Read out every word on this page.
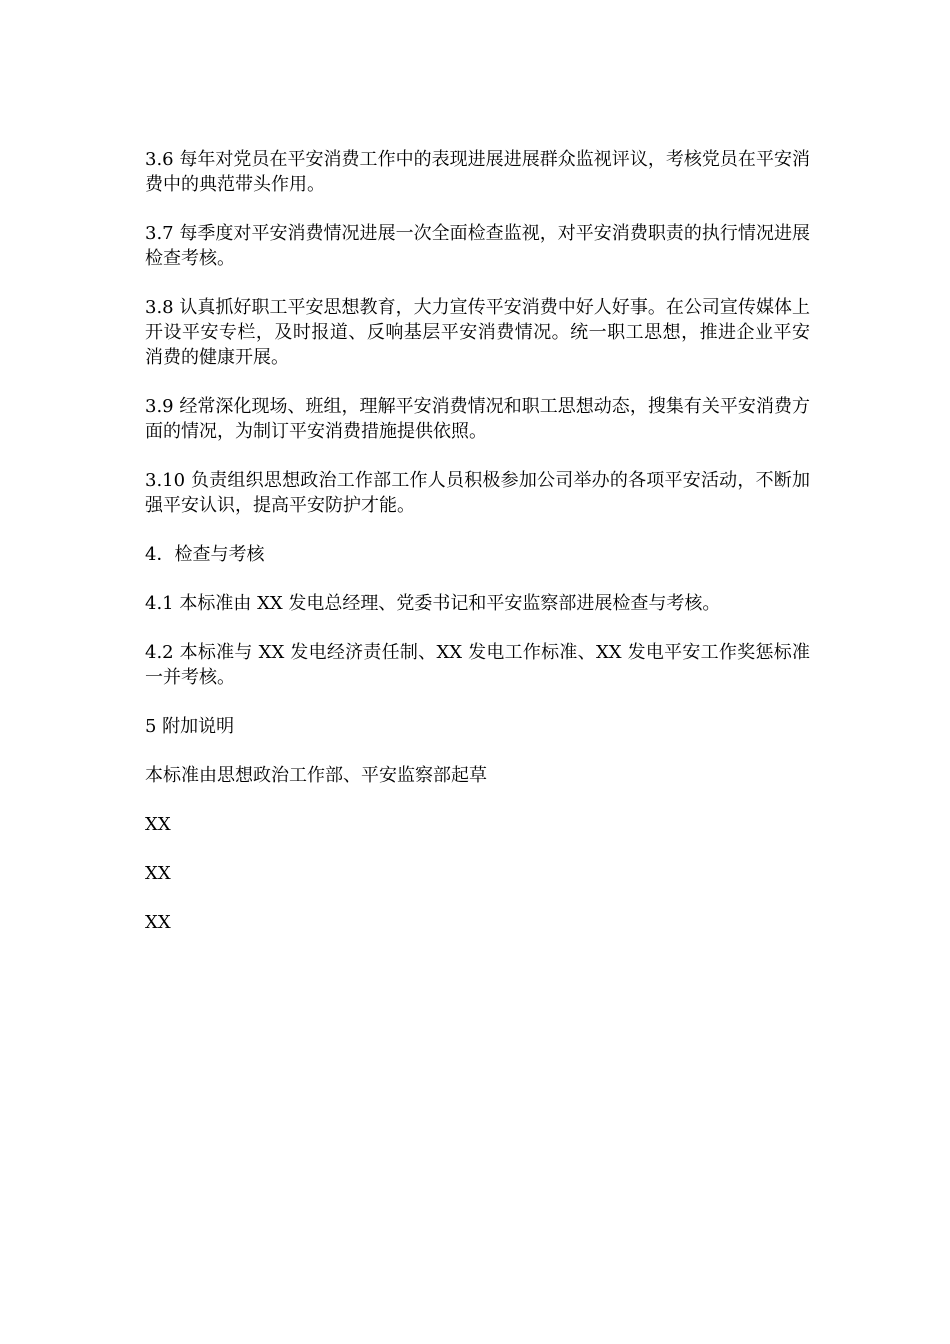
3.6 每年对党员在平安消费工作中的表现进展进展群众监视评议，考核党员在平安消费中的典范带头作用。

3.7 每季度对平安消费情况进展一次全面检查监视，对平安消费职责的执行情况进展检查考核。

3.8 认真抓好职工平安思想教育，大力宣传平安消费中好人好事。在公司宣传媒体上开设平安专栏，及时报道、反响基层平安消费情况。统一职工思想，推进企业平安消费的健康开展。

3.9 经常深化现场、班组，理解平安消费情况和职工思想动态，搜集有关平安消费方面的情况，为制订平安消费措施提供依照。

3.10 负责组织思想政治工作部工作人员积极参加公司举办的各项平安活动，不断加强平安认识，提高平安防护才能。

4．检查与考核

4.1 本标准由 XX 发电总经理、党委书记和平安监察部进展检查与考核。

4.2 本标准与 XX 发电经济责任制、XX 发电工作标准、XX 发电平安工作奖惩标准一并考核。

5 附加说明

本标准由思想政治工作部、平安监察部起草

XX

XX

XX
